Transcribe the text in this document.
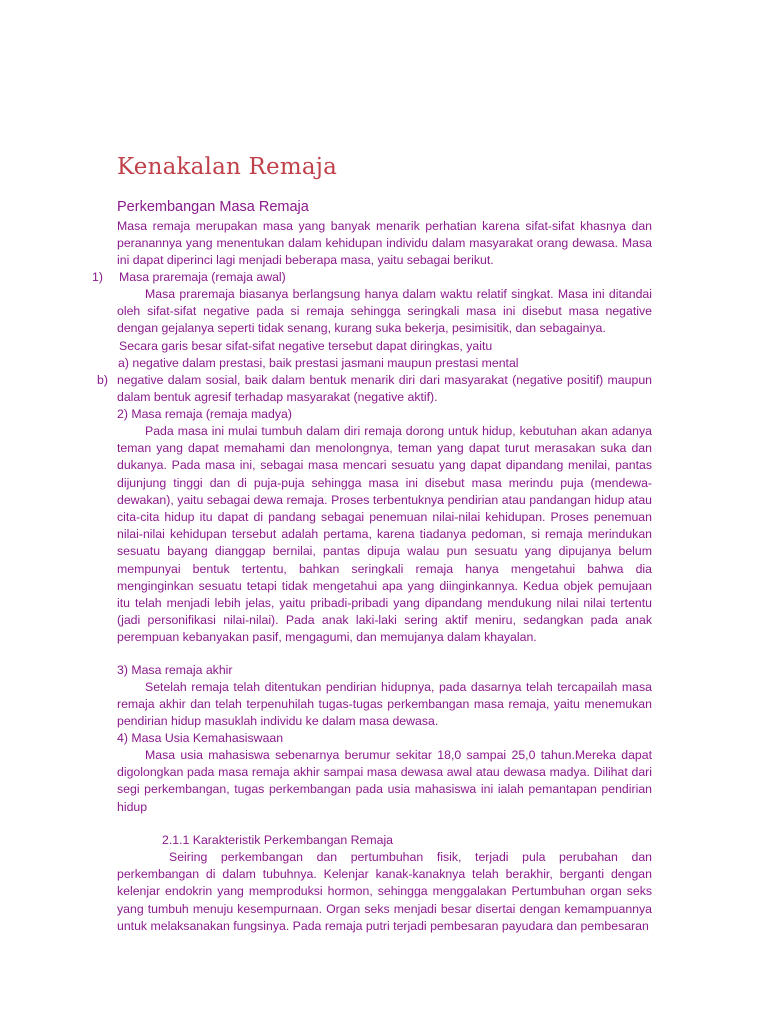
Kenakalan Remaja
Perkembangan Masa Remaja

Masa remaja merupakan masa yang banyak menarik perhatian karena sifat-sifat khasnya dan peranannya yang menentukan dalam kehidupan individu dalam masyarakat orang dewasa. Masa ini dapat diperinci lagi menjadi beberapa masa, yaitu sebagai berikut.

1) Masa praremaja (remaja awal)

Masa praremaja biasanya berlangsung hanya dalam waktu relatif singkat. Masa ini ditandai oleh sifat-sifat negative pada si remaja sehingga seringkali masa ini disebut masa negative dengan gejalanya seperti tidak senang, kurang suka bekerja, pesimisitik, dan sebagainya.

Secara garis besar sifat-sifat negative tersebut dapat diringkas, yaitu
a) negative dalam prestasi, baik prestasi jasmani maupun prestasi mental
b) negative dalam sosial, baik dalam bentuk menarik diri dari masyarakat (negative positif) maupun dalam bentuk agresif terhadap masyarakat (negative aktif).

2) Masa remaja (remaja madya)

Pada masa ini mulai tumbuh dalam diri remaja dorong untuk hidup, kebutuhan akan adanya teman yang dapat memahami dan menolongnya, teman yang dapat turut merasakan suka dan dukanya. Pada masa ini, sebagai masa mencari sesuatu yang dapat dipandang menilai, pantas dijunjung tinggi dan di puja-puja sehingga masa ini disebut masa merindu puja (mendewa-dewakan), yaitu sebagai dewa remaja. Proses terbentuknya pendirian atau pandangan hidup atau cita-cita hidup itu dapat di pandang sebagai penemuan nilai-nilai kehidupan. Proses penemuan nilai-nilai kehidupan tersebut adalah pertama, karena tiadanya pedoman, si remaja merindukan sesuatu bayang dianggap bernilai, pantas dipuja walau pun sesuatu yang dipujanya belum mempunyai bentuk tertentu, bahkan seringkali remaja hanya mengetahui bahwa dia menginginkan sesuatu tetapi tidak mengetahui apa yang diinginkannya. Kedua objek pemujaan itu telah menjadi lebih jelas, yaitu pribadi-pribadi yang dipandang mendukung nilai nilai tertentu (jadi personifikasi nilai-nilai). Pada anak laki-laki sering aktif meniru, sedangkan pada anak perempuan kebanyakan pasif, mengagumi, dan memujanya dalam khayalan.

3) Masa remaja akhir

Setelah remaja telah ditentukan pendirian hidupnya, pada dasarnya telah tercapailah masa remaja akhir dan telah terpenuhilah tugas-tugas perkembangan masa remaja, yaitu menemukan pendirian hidup masuklah individu ke dalam masa dewasa.

4) Masa Usia Kemahasiswaan

Masa usia mahasiswa sebenarnya berumur sekitar 18,0 sampai 25,0 tahun.Mereka dapat digolongkan pada masa remaja akhir sampai masa dewasa awal atau dewasa madya. Dilihat dari segi perkembangan, tugas perkembangan pada usia mahasiswa ini ialah pemantapan pendirian hidup

2.1.1 Karakteristik Perkembangan Remaja

Seiring perkembangan dan pertumbuhan fisik, terjadi pula perubahan dan perkembangan di dalam tubuhnya. Kelenjar kanak-kanaknya telah berakhir, berganti dengan kelenjar endokrin yang memproduksi hormon, sehingga menggalakan Pertumbuhan organ seks yang tumbuh menuju kesempurnaan. Organ seks menjadi besar disertai dengan kemampuannya untuk melaksanakan fungsinya. Pada remaja putri terjadi pembesaran payudara dan pembesaran
